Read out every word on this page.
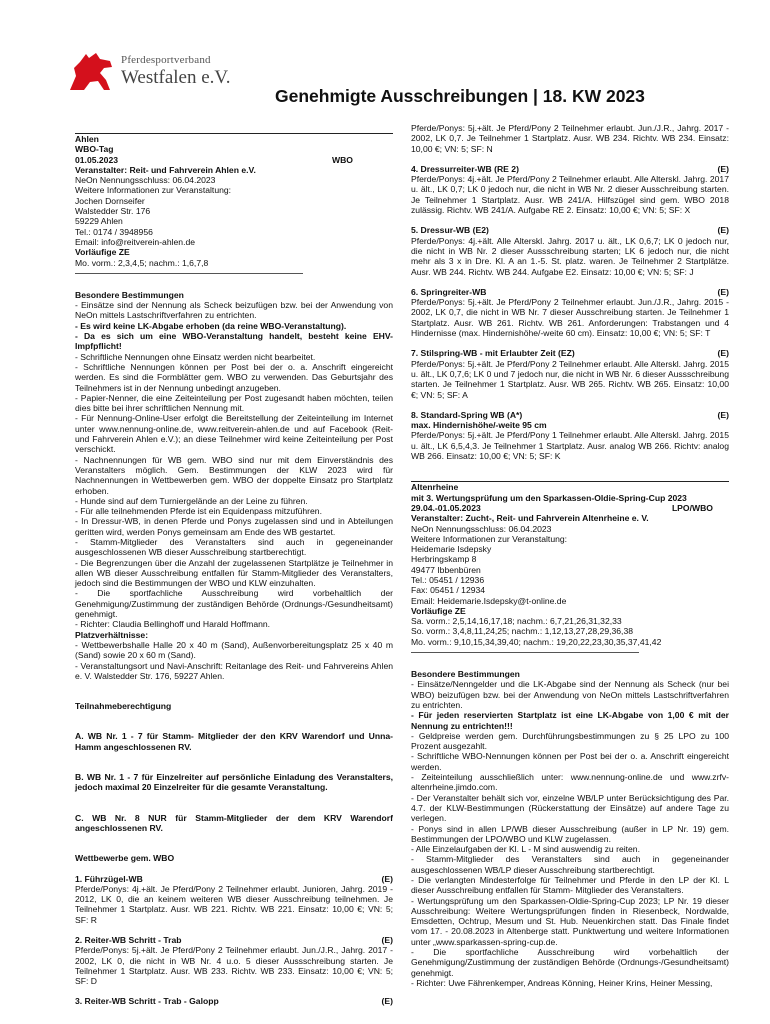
Pferdesportverband
Westfalen e.V.
Genehmigte Ausschreibungen | 18. KW 2023

Ahlen

WBO-Tag

01.05.2023	WBO

Veranstalter: Reit- und Fahrverein Ahlen e.V.

NeOn Nennungsschluss: 06.04.2023

Weitere Informationen zur Veranstaltung:

Jochen Dornseifer

Walstedder Str. 176

59229 Ahlen

Tel.: 0174 / 3948956

Email: info@reitverein-ahlen.de

Vorläufige ZE

Mo. vorm.: 2,3,4,5; nachm.: 1,6,7,8

Besondere Bestimmungen

- Einsätze sind der Nennung als Scheck beizufügen bzw. bei der Anwendung von NeOn mittels Lastschriftverfahren zu entrichten.

- Es wird keine LK-Abgabe erhoben (da reine WBO-Veranstaltung).

- Da es sich um eine WBO-Veranstaltung handelt, besteht keine EHV-Impfpflicht!

- Schriftliche Nennungen ohne Einsatz werden nicht bearbeitet.

- Schriftliche Nennungen können per Post bei der o. a. Anschrift eingereicht werden. Es sind die Formblätter gem. WBO zu verwenden. Das Geburtsjahr des Teilnehmers ist in der Nennung unbedingt anzugeben.

- Papier-Nenner, die eine Zeiteinteilung per Post zugesandt haben möchten, teilen dies bitte bei ihrer schriftlichen Nennung mit.

- Für Nennung-Online-User erfolgt die Bereitstellung der Zeiteinteilung im Internet unter www.nennung-online.de, www.reitverein-ahlen.de und auf Facebook (Reit- und Fahrverein Ahlen e.V.); an diese Teilnehmer wird keine Zeiteinteilung per Post verschickt.

- Nachnennungen für WB gem. WBO sind nur mit dem Einverständnis des Veranstalters möglich. Gem. Bestimmungen der KLW 2023 wird für Nachnennungen in Wettbewerben gem. WBO der doppelte Einsatz pro Startplatz erhoben.

- Hunde sind auf dem Turniergelände an der Leine zu führen.

- Für alle teilnehmenden Pferde ist ein Equidenpass mitzuführen.

- In Dressur-WB, in denen Pferde und Ponys zugelassen sind und in Abteilungen geritten wird, werden Ponys gemeinsam am Ende des WB gestartet.

- Stamm-Mitglieder des Veranstalters sind auch in gegeneinander ausgeschlossenen WB dieser Ausschreibung startberechtigt.

- Die Begrenzungen über die Anzahl der zugelassenen Startplätze je Teilnehmer in allen WB dieser Ausschreibung entfallen für Stamm-Mitglieder des Veranstalters, jedoch sind die Bestimmungen der WBO und KLW einzuhalten.

- Die sportfachliche Ausschreibung wird vorbehaltlich der Genehmigung/Zustimmung der zuständigen Behörde (Ordnungs-/Gesundheitsamt) genehmigt.

- Richter: Claudia Bellinghoff und Harald Hoffmann.

Platzverhältnisse:

- Wettbewerbshalle Halle 20 x 40 m (Sand), Außenvorbereitungsplatz 25 x 40 m (Sand) sowie 20 x 60 m (Sand).

- Veranstaltungsort und Navi-Anschrift: Reitanlage des Reit- und Fahrvereins Ahlen e. V. Walstedder Str. 176, 59227 Ahlen.

Teilnahmeberechtigung

A. WB Nr. 1 - 7 für Stamm- Mitglieder der den KRV Warendorf und Unna-Hamm angeschlossenen RV.

B. WB Nr. 1 - 7 für Einzelreiter auf persönliche Einladung des Veranstalters, jedoch maximal 20 Einzelreiter für die gesamte Veranstaltung.

C. WB Nr. 8 NUR für Stamm-Mitglieder der dem KRV Warendorf angeschlossenen RV.

Wettbewerbe gem. WBO

1. Führzügel-WB	(E)

Pferde/Ponys: 4j.+ält. Je Pferd/Pony 2 Teilnehmer erlaubt. Junioren, Jahrg. 2019 - 2012, LK 0, die an keinem weiteren WB dieser Ausschreibung teilnehmen. Je Teilnehmer 1 Startplatz. Ausr. WB 221. Richtv. WB 221. Einsatz: 10,00 €; VN: 5; SF: R

2. Reiter-WB Schritt - Trab	(E)

Pferde/Ponys: 5j.+ält. Je Pferd/Pony 2 Teilnehmer erlaubt. Jun./J.R., Jahrg. 2017 - 2002, LK 0, die nicht in WB Nr. 4 u.o. 5 dieser Aussschreibung starten. Je Teilnehmer 1 Startplatz. Ausr. WB 233. Richtv. WB 233. Einsatz: 10,00 €; VN: 5; SF: D

3. Reiter-WB Schritt - Trab - Galopp	(E)

Pferde/Ponys: 5j.+ält. Je Pferd/Pony 2 Teilnehmer erlaubt. Jun./J.R., Jahrg. 2017 - 2002, LK 0,7. Je Teilnehmer 1 Startplatz. Ausr. WB 234. Richtv. WB 234. Einsatz: 10,00 €; VN: 5; SF: N

4. Dressurreiter-WB (RE 2)	(E)

Pferde/Ponys: 4j.+ält. Je Pferd/Pony 2 Teilnehmer erlaubt. Alle Alterskl. Jahrg. 2017 u. ält., LK 0,7; LK 0 jedoch nur, die nicht in WB Nr. 2 dieser Ausschreibung starten. Je Teilnehmer 1 Startplatz. Ausr. WB 241/A. Hilfszügel sind gem. WBO 2018 zulässig. Richtv. WB 241/A. Aufgabe RE 2. Einsatz: 10,00 €; VN: 5; SF: X

5. Dressur-WB (E2)	(E)

Pferde/Ponys: 4j.+ält. Alle Alterskl. Jahrg. 2017 u. ält., LK 0,6,7; LK 0 jedoch nur, die nicht in WB Nr. 2 dieser Aussschreibung starten; LK 6 jedoch nur, die nicht mehr als 3 x in Dre. Kl. A an 1.-5. St. platz. waren. Je Teilnehmer 2 Startplätze. Ausr. WB 244. Richtv. WB 244. Aufgabe E2. Einsatz: 10,00 €; VN: 5; SF: J

6. Springreiter-WB	(E)

Pferde/Ponys: 5j.+ält. Je Pferd/Pony 2 Teilnehmer erlaubt. Jun./J.R., Jahrg. 2015 - 2002, LK 0,7, die nicht in WB Nr. 7 dieser Ausschreibung starten. Je Teilnehmer 1 Startplatz. Ausr. WB 261. Richtv. WB 261. Anforderungen: Trabstangen und 4 Hindernisse (max. Hindernishöhe/-weite 60 cm). Einsatz: 10,00 €; VN: 5; SF: T

7. Stilspring-WB - mit Erlaubter Zeit (EZ)	(E)

Pferde/Ponys: 5j.+ält. Je Pferd/Pony 2 Teilnehmer erlaubt. Alle Alterskl. Jahrg. 2015 u. ält., LK 0,7,6; LK 0 und 7 jedoch nur, die nicht in WB Nr. 6 dieser Aussschreibung starten. Je Teilnehmer 1 Startplatz. Ausr. WB 265. Richtv. WB 265. Einsatz: 10,00 €; VN: 5; SF: A

8. Standard-Spring WB (A*)	(E)

max. Hindernishöhe/-weite 95 cm

Pferde/Ponys: 5j.+ält. Je Pferd/Pony 1 Teilnehmer erlaubt. Alle Alterskl. Jahrg. 2015 u. ält., LK 6,5,4,3. Je Teilnehmer 1 Startplatz. Ausr. analog WB 266. Richtv: analog WB 266. Einsatz: 10,00 €; VN: 5; SF: K

Altenrheine

mit 3. Wertungsprüfung um den Sparkassen-Oldie-Spring-Cup 2023

29.04.-01.05.2023	LPO/WBO

Veranstalter: Zucht-, Reit- und Fahrverein Altenrheine e. V.

NeOn Nennungsschluss: 06.04.2023

Weitere Informationen zur Veranstaltung:

Heidemarie Isdepsky

Herbringskamp 8

49477 Ibbenbüren

Tel.: 05451 / 12936

Fax: 05451 / 12934

Email: Heidemarie.Isdepsky@t-online.de

Vorläufige ZE

Sa. vorm.: 2,5,14,16,17,18; nachm.: 6,7,21,26,31,32,33

So. vorm.: 3,4,8,11,24,25; nachm.: 1,12,13,27,28,29,36,38

Mo. vorm.: 9,10,15,34,39,40; nachm.: 19,20,22,23,30,35,37,41,42

Besondere Bestimmungen

- Einsätze/Nenngelder und die LK-Abgabe sind der Nennung als Scheck (nur bei WBO) beizufügen bzw. bei der Anwendung von NeOn mittels Lastschriftverfahren zu entrichten.

- Für jeden reservierten Startplatz ist eine LK-Abgabe von 1,00 € mit der Nennung zu entrichten!!!

- Geldpreise werden gem. Durchführungsbestimmungen zu § 25 LPO zu 100 Prozent ausgezahlt.

- Schriftliche WBO-Nennungen können per Post bei der o. a. Anschrift eingereicht werden.

- Zeiteinteilung ausschließlich unter: www.nennung-online.de und www.zrfv-altenrheine.jimdo.com.

- Der Veranstalter behält sich vor, einzelne WB/LP unter Berücksichtigung des Par. 4.7. der KLW-Bestimmungen (Rückerstattung der Einsätze) auf andere Tage zu verlegen.

- Ponys sind in allen LP/WB dieser Ausschreibung (außer in LP Nr. 19) gem. Bestimmungen der LPO/WBO und KLW zugelassen.

- Alle Einzelaufgaben der Kl. L - M sind auswendig zu reiten.

- Stamm-Mitglieder des Veranstalters sind auch in gegeneinander ausgeschlossenen WB/LP dieser Ausschreibung startberechtigt.

- Die verlangten Mindesterfolge für Teilnehmer und Pferde in den LP der Kl. L dieser Ausschreibung entfallen für Stamm- Mitglieder des Veranstalters.

- Wertungsprüfung um den Sparkassen-Oldie-Spring-Cup 2023; LP Nr. 19 dieser Ausschreibung: Weitere Wertungsprüfungen finden in Riesenbeck, Nordwalde, Emsdetten, Ochtrup, Mesum und St. Hub. Neuenkirchen statt. Das Finale findet vom 17. - 20.08.2023 in Altenberge statt. Punktwertung und weitere Informationen unter „www.sparkassen-spring-cup.de.

- Die sportfachliche Ausschreibung wird vorbehaltlich der Genehmigung/Zustimmung der zuständigen Behörde (Ordnungs-/Gesundheitsamt) genehmigt.

- Richter: Uwe Fährenkemper, Andreas Könning, Heiner Krins, Heiner Messing,
